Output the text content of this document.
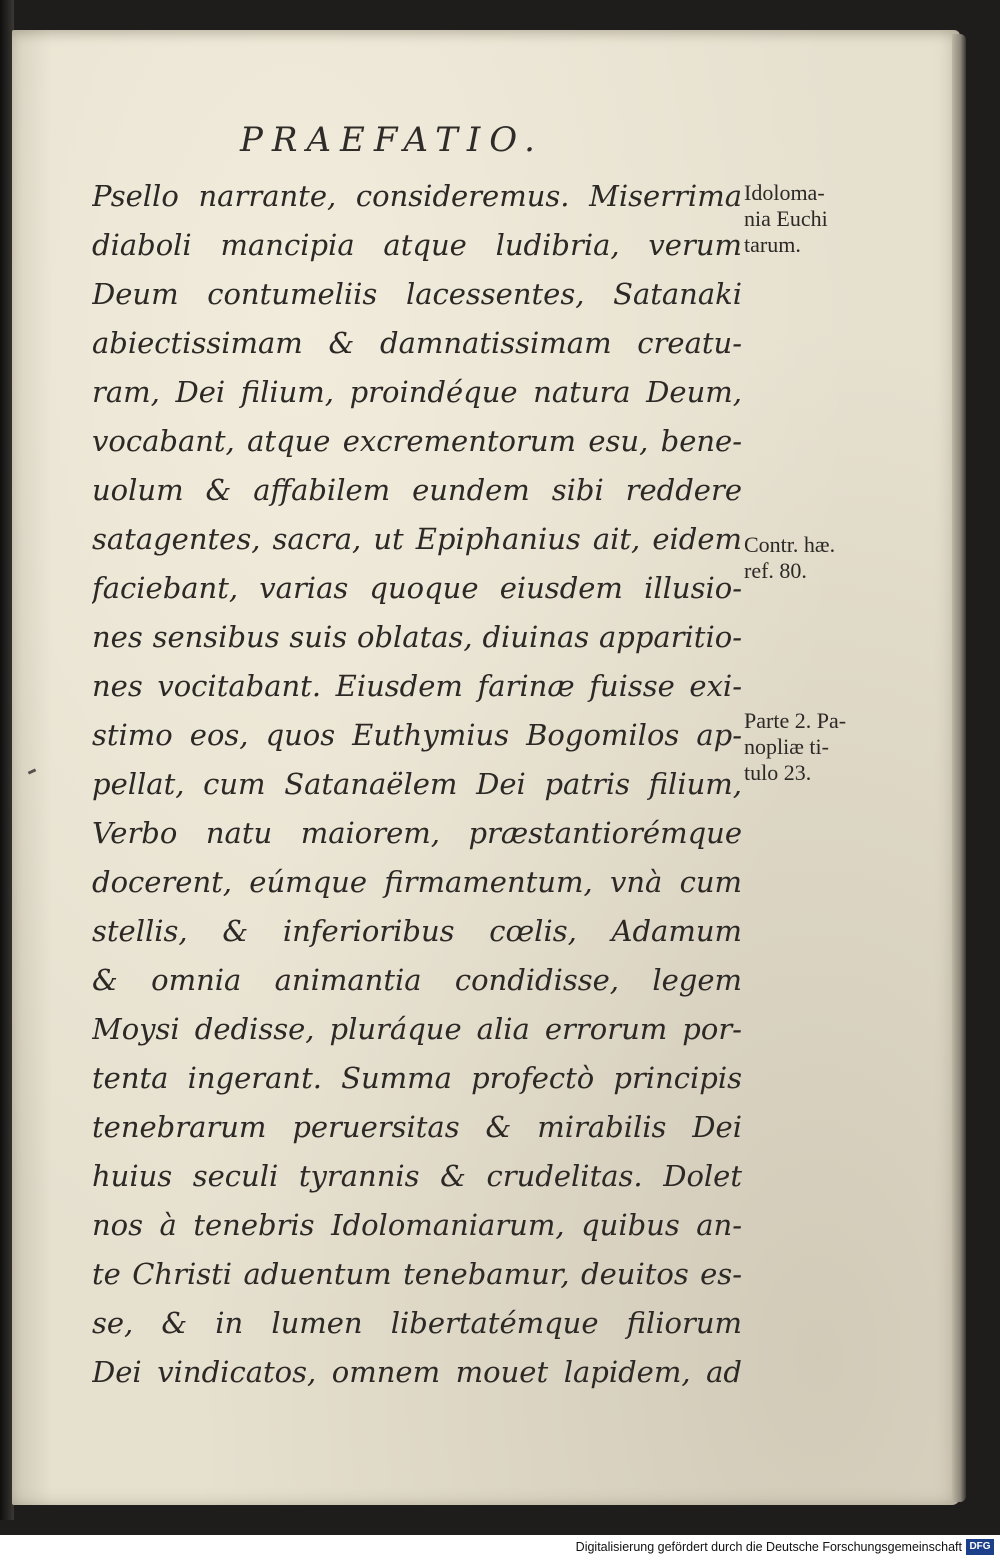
PRAEFATIO.
Psello narrante, consideremus. Miserrima
diaboli mancipia atque ludibria, verum
Deum contumeliis lacessentes, Satanaki
abiectissimam & damnatissimam creatu-
ram, Dei filium, proindéque natura Deum,
vocabant, atque excrementorum esu, bene-
uolum & affabilem eundem sibi reddere
satagentes, sacra, ut Epiphanius ait, eidem
faciebant, varias quoque eiusdem illusio-
nes sensibus suis oblatas, diuinas apparitio-
nes vocitabant. Eiusdem farinæ fuisse exi-
stimo eos, quos Euthymius Bogomilos ap-
pellat, cum Satanaëlem Dei patris filium,
Verbo natu maiorem, præstantiorémque
docerent, eúmque firmamentum, vnà cum
stellis, & inferioribus cœlis, Adamum
& omnia animantia condidisse, legem
Moysi dedisse, pluráque alia errorum por-
tenta ingerant. Summa profectò principis
tenebrarum peruersitas & mirabilis Dei
huius seculi tyrannis & crudelitas. Dolet
nos à tenebris Idolomaniarum, quibus an-
te Christi aduentum tenebamur, deuitos es-
se, & in lumen libertatémque filiorum
Dei vindicatos, omnem mouet lapidem, ad
Idoloma-
nia Euchi
tarum.
Contr. hæ.
ref. 80.
Parte 2. Pa-
nopliæ ti-
tulo 23.
Digitalisierung gefördert durch die Deutsche Forschungsgemeinschaft DFG
